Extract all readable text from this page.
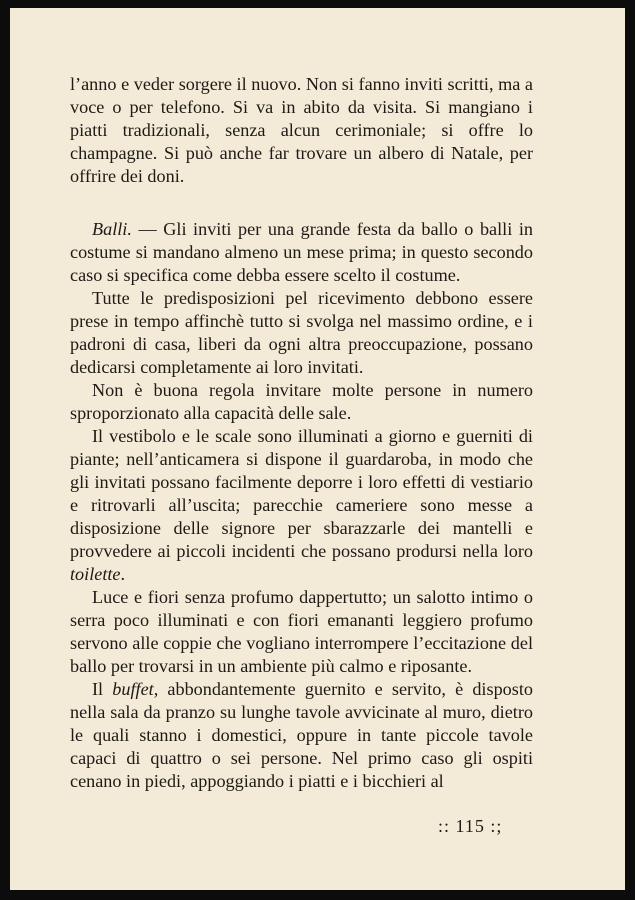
l’anno e veder sorgere il nuovo. Non si fanno inviti scritti, ma a voce o per telefono. Si va in abito da visita. Si mangiano i piatti tradizionali, senza alcun cerimoniale; si offre lo champagne. Si può anche far trovare un albero di Natale, per offrire dei doni.

Balli. — Gli inviti per una grande festa da ballo o balli in costume si mandano almeno un mese prima; in questo secondo caso si specifica come debba essere scelto il costume.

Tutte le predisposizioni pel ricevimento debbono essere prese in tempo affinchè tutto si svolga nel massimo ordine, e i padroni di casa, liberi da ogni altra preoccupazione, possano dedicarsi completamente ai loro invitati.

Non è buona regola invitare molte persone in numero sproporzionato alla capacità delle sale.

Il vestibolo e le scale sono illuminati a giorno e guerniti di piante; nell’anticamera si dispone il guardaroba, in modo che gli invitati possano facilmente deporre i loro effetti di vestiario e ritrovarli all’uscita; parecchie cameriere sono messe a disposizione delle signore per sbarazzarle dei mantelli e provvedere ai piccoli incidenti che possano prodursi nella loro toilette.

Luce e fiori senza profumo dappertutto; un salotto intimo o serra poco illuminati e con fiori emananti leggiero profumo servono alle coppie che vogliano interrompere l’eccitazione del ballo per trovarsi in un ambiente più calmo e riposante.

Il buffet, abbondantemente guernito e servito, è disposto nella sala da pranzo su lunghe tavole avvicinate al muro, dietro le quali stanno i domestici, oppure in tante piccole tavole capaci di quattro o sei persone. Nel primo caso gli ospiti cenano in piedi, appoggiando i piatti e i bicchieri al

:: 115 :;
